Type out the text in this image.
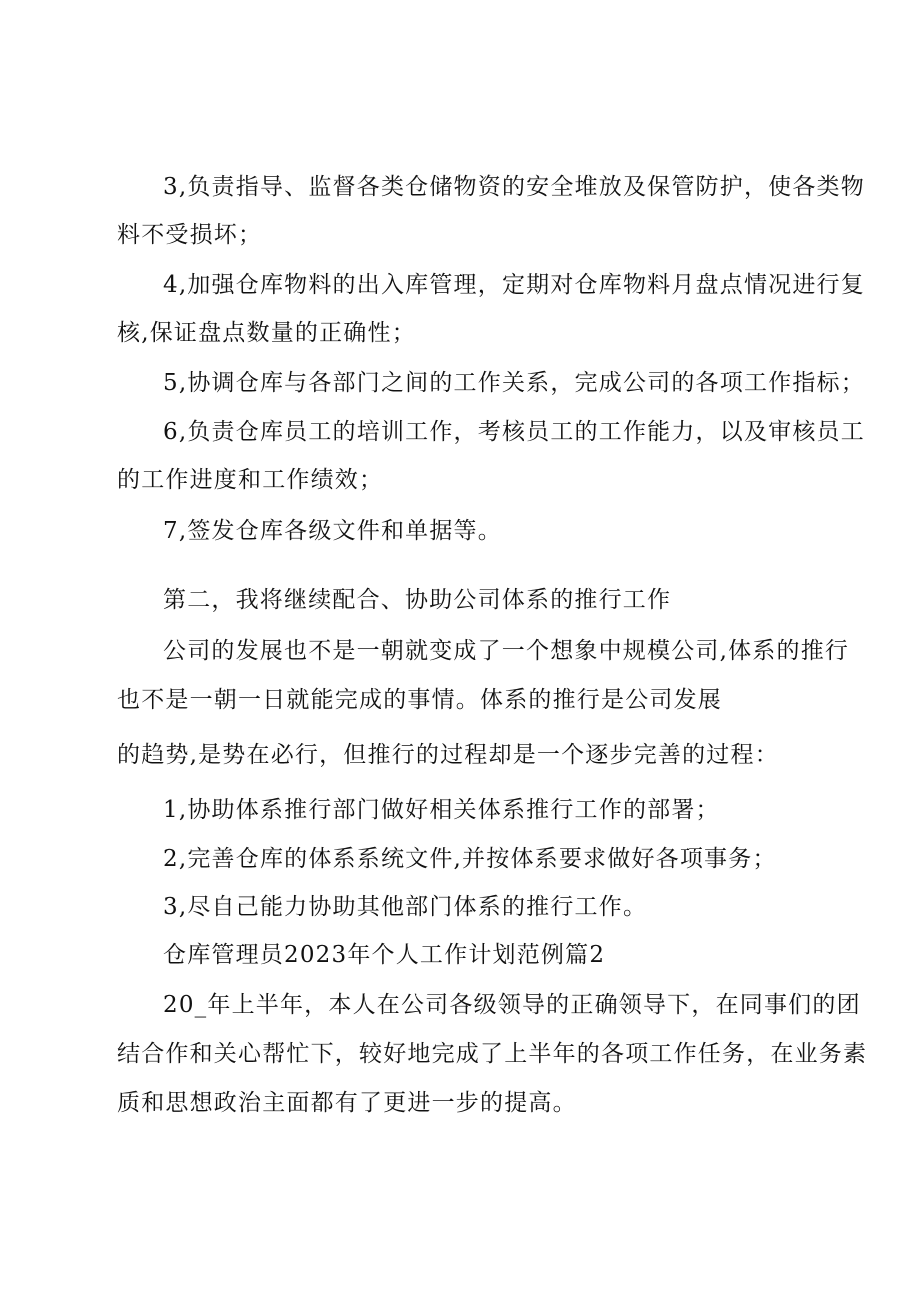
3,负责指导、监督各类仓储物资的安全堆放及保管防护，使各类物
料不受损坏；
4,加强仓库物料的出入库管理，定期对仓库物料月盘点情况进行复
核,保证盘点数量的正确性；
5,协调仓库与各部门之间的工作关系，完成公司的各项工作指标；
6,负责仓库员工的培训工作，考核员工的工作能力，以及审核员工
的工作进度和工作绩效；
7,签发仓库各级文件和单据等。
第二，我将继续配合、协助公司体系的推行工作
公司的发展也不是一朝就变成了一个想象中规模公司,体系的推行
也不是一朝一日就能完成的事情。体系的推行是公司发展
的趋势,是势在必行，但推行的过程却是一个逐步完善的过程：
1,协助体系推行部门做好相关体系推行工作的部署；
2,完善仓库的体系系统文件,并按体系要求做好各项事务；
3,尽自己能力协助其他部门体系的推行工作。
仓库管理员2023年个人工作计划范例篇2
20_年上半年，本人在公司各级领导的正确领导下，在同事们的团
结合作和关心帮忙下，较好地完成了上半年的各项工作任务，在业务素
质和思想政治主面都有了更进一步的提高。
